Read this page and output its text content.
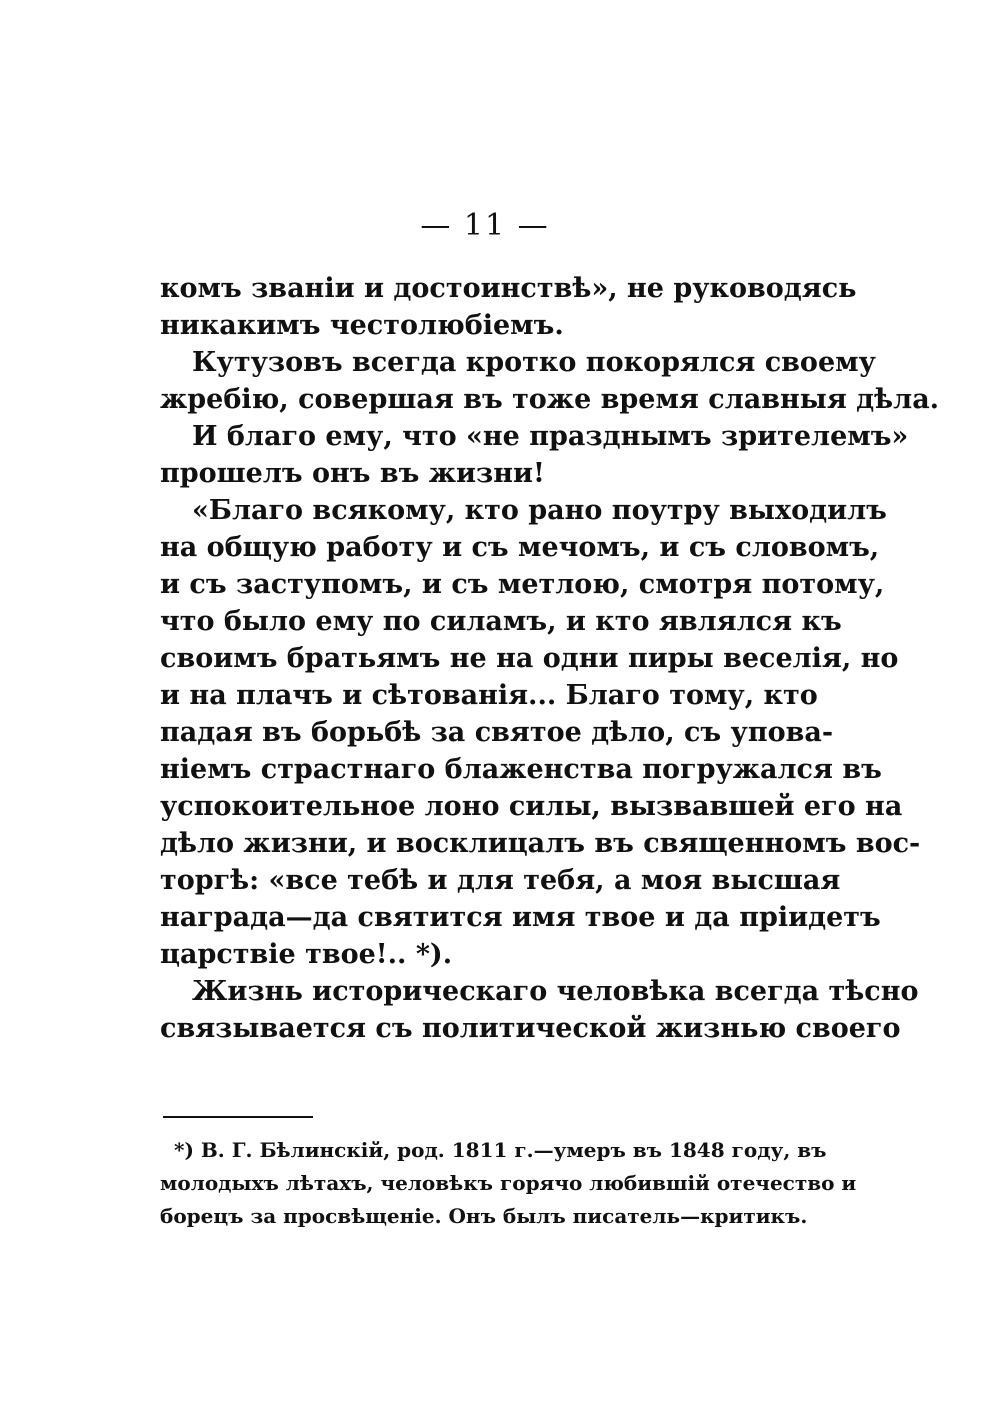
— 11 —
комъ званіи и достоинствѣ», не руководясь
никакимъ честолюбіемъ.
Кутузовъ всегда кротко покорялся своему
жребію, совершая въ тоже время славныя дѣла.
И благо ему, что «не празднымъ зрителемъ»
прошелъ онъ въ жизни!
«Благо всякому, кто рано поутру выходилъ
на общую работу и съ мечомъ, и съ словомъ,
и съ заступомъ, и съ метлою, смотря потому,
что было ему по силамъ, и кто являлся къ
своимъ братьямъ не на одни пиры веселія, но
и на плачъ и сѣтованія... Благо тому, кто
падая въ борьбѣ за святое дѣло, съ упова-
ніемъ страстнаго блаженства погружался въ
успокоительное лоно силы, вызвавшей его на
дѣло жизни, и восклицалъ въ священномъ вос-
торгѣ: «все тебѣ и для тебя, а моя высшая
награда—да святится имя твое и да пріидетъ
царствіе твое!.. *).
Жизнь историческаго человѣка всегда тѣсно
связывается съ политической жизнью своего
*) В. Г. Бѣлинскій, род. 1811 г.—умеръ въ 1848 году, въ
молодыхъ лѣтахъ, человѣкъ горячо любившій отечество и
борецъ за просвѣщеніе. Онъ былъ писатель—критикъ.
